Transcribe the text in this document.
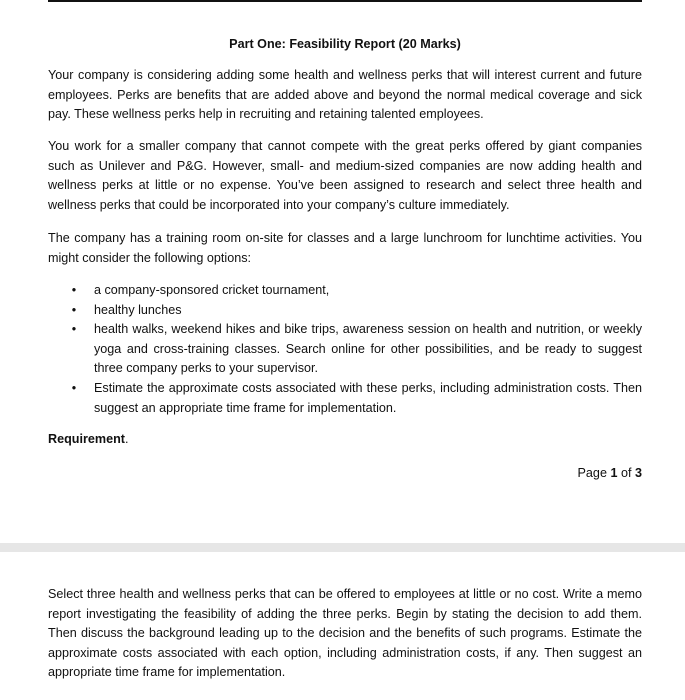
Part One: Feasibility Report (20 Marks)

Your company is considering adding some health and wellness perks that will interest current and future employees. Perks are benefits that are added above and beyond the normal medical coverage and sick pay. These wellness perks help in recruiting and retaining talented employees.

You work for a smaller company that cannot compete with the great perks offered by giant companies such as Unilever and P&G. However, small- and medium-sized companies are now adding health and wellness perks at little or no expense. You’ve been assigned to research and select three health and wellness perks that could be incorporated into your company’s culture immediately.

The company has a training room on-site for classes and a large lunchroom for lunchtime activities. You might consider the following options:

• a company-sponsored cricket tournament,
• healthy lunches
• health walks, weekend hikes and bike trips, awareness session on health and nutrition, or weekly yoga and cross-training classes. Search online for other possibilities, and be ready to suggest three company perks to your supervisor.
• Estimate the approximate costs associated with these perks, including administration costs. Then suggest an appropriate time frame for implementation.
Requirement.
Page 1 of 3

Select three health and wellness perks that can be offered to employees at little or no cost. Write a memo report investigating the feasibility of adding the three perks. Begin by stating the decision to add them. Then discuss the background leading up to the decision and the benefits of such programs. Estimate the approximate costs associated with each option, including administration costs, if any. Then suggest an appropriate time frame for implementation.
